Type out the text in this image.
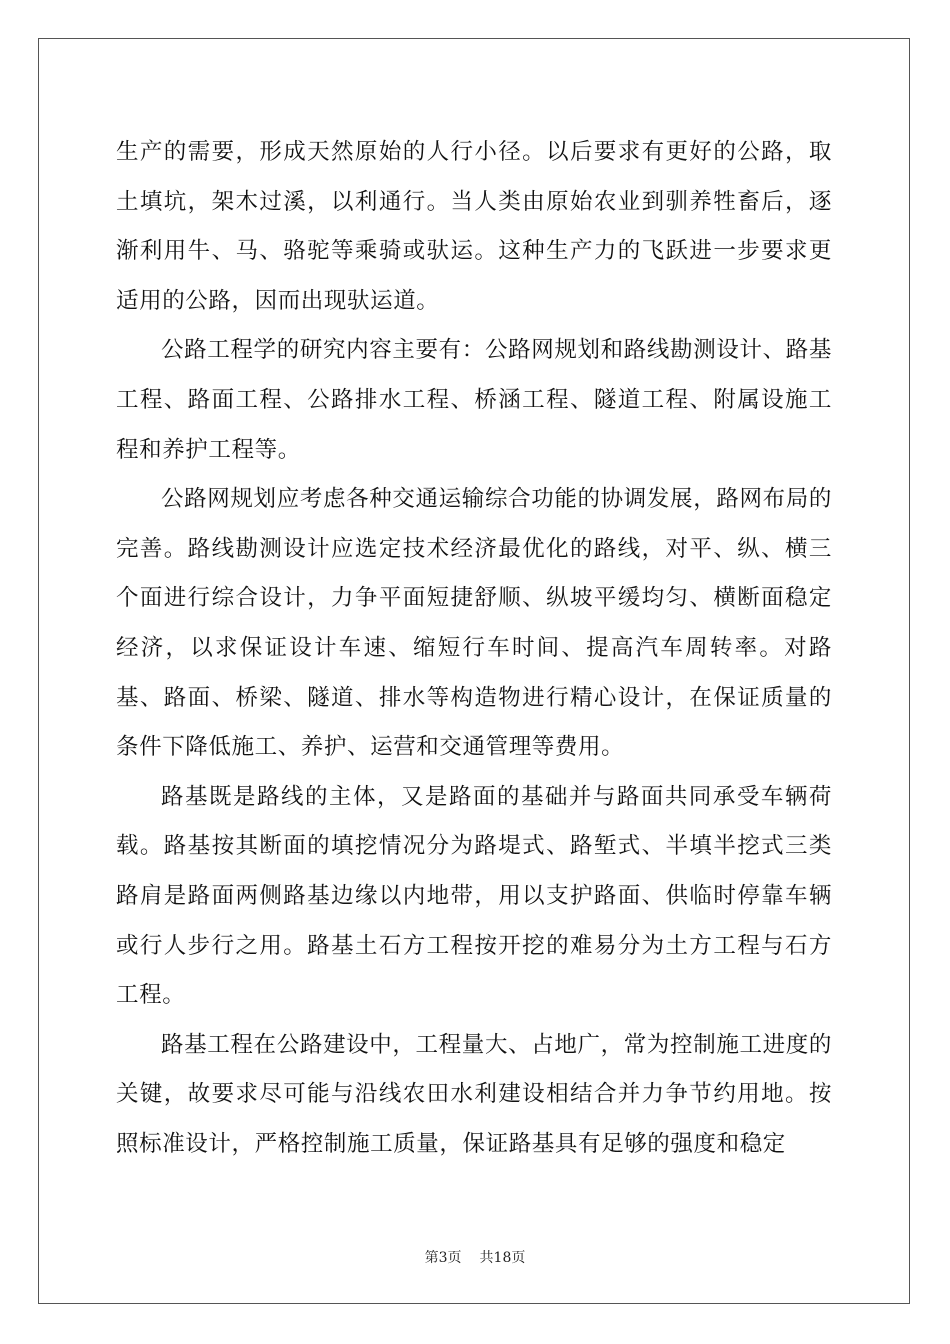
生产的需要，形成天然原始的人行小径。以后要求有更好的公路，取土填坑，架木过溪，以利通行。当人类由原始农业到驯养牲畜后，逐渐利用牛、马、骆驼等乘骑或驮运。这种生产力的飞跃进一步要求更适用的公路，因而出现驮运道。

公路工程学的研究内容主要有：公路网规划和路线勘测设计、路基工程、路面工程、公路排水工程、桥涵工程、隧道工程、附属设施工程和养护工程等。

公路网规划应考虑各种交通运输综合功能的协调发展，路网布局的完善。路线勘测设计应选定技术经济最优化的路线，对平、纵、横三个面进行综合设计，力争平面短捷舒顺、纵坡平缓均匀、横断面稳定经济，以求保证设计车速、缩短行车时间、提高汽车周转率。对路基、路面、桥梁、隧道、排水等构造物进行精心设计，在保证质量的条件下降低施工、养护、运营和交通管理等费用。

路基既是路线的主体，又是路面的基础并与路面共同承受车辆荷载。路基按其断面的填挖情况分为路堤式、路堑式、半填半挖式三类路肩是路面两侧路基边缘以内地带，用以支护路面、供临时停靠车辆或行人步行之用。路基土石方工程按开挖的难易分为土方工程与石方工程。

路基工程在公路建设中，工程量大、占地广，常为控制施工进度的关键，故要求尽可能与沿线农田水利建设相结合并力争节约用地。按照标准设计，严格控制施工质量，保证路基具有足够的强度和稳定

第3页 共18页
